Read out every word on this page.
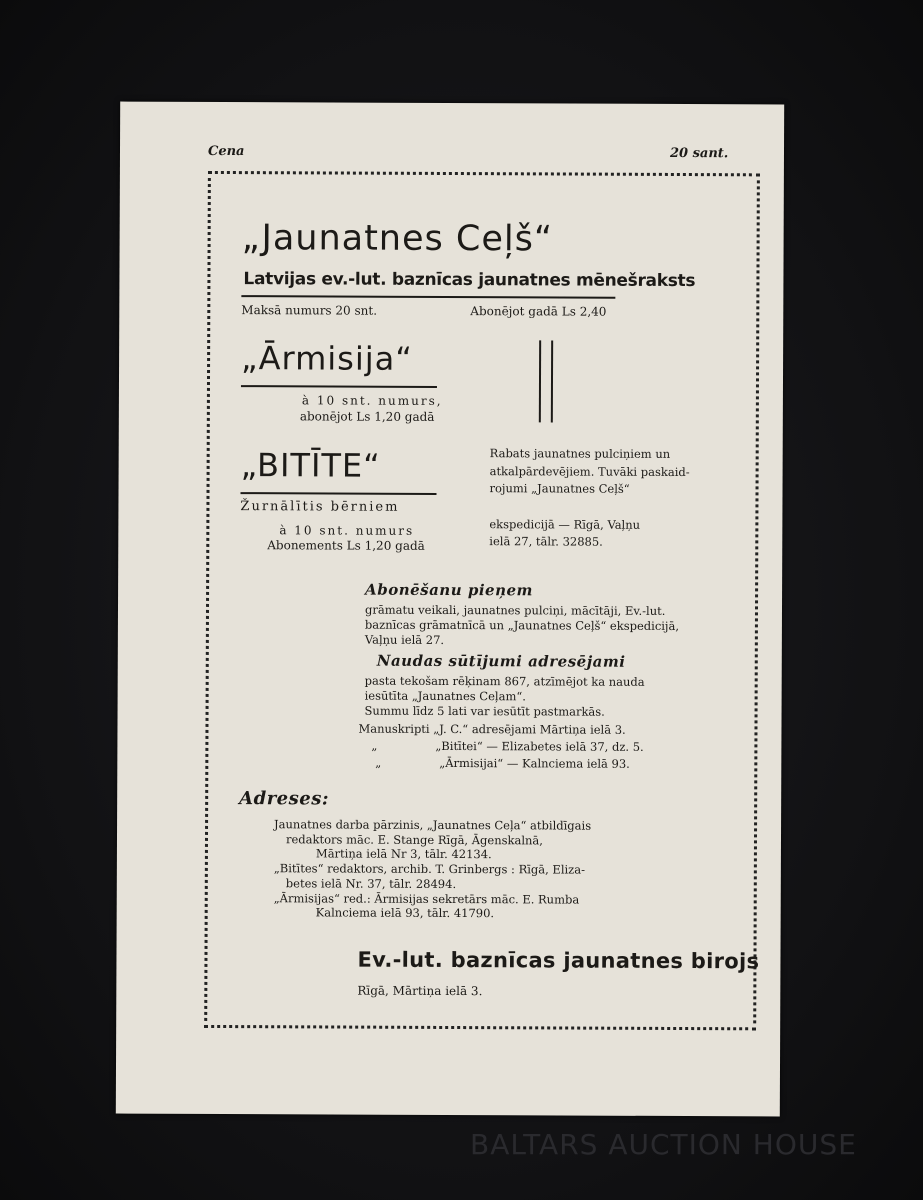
BALTARS AUCTION HOUSE
Cena	20 sant.
„Jaunatnes Ceļš“
Latvijas ev.-lut. baznīcas jaunatnes mēnešraksts
Maksā numurs 20 snt.	Abonējot gadā Ls 2,40
„Ārmisija“
à 10 snt. numurs,
abonējot Ls 1,20 gadā
„BITĪTE“
Žurnālītis bērniem
à 10 snt. numurs
Abonements Ls 1,20 gadā
Rabats jaunatnes pulciņiem un
atkalpārdevējiem. Tuvāki paskaid-
rojumi „Jaunatnes Ceļš“
ekspedicijā — Rīgā, Vaļņu
ielā 27, tālr. 32885.
Abonēšanu pieņem
grāmatu veikali, jaunatnes pulciņi, mācītāji, Ev.-lut.
baznīcas grāmatnīcā un „Jaunatnes Ceļš“ ekspedicijā,
Vaļņu ielā 27.
Naudas sūtījumi adresējami
pasta tekošam rēķinam 867, atzīmējot ka nauda
iesūtīta „Jaunatnes Ceļam“.
Summu līdz 5 lati var iesūtīt pastmarkās.
Manuskripti „J. C.“ adresējami Mārtiņa ielā 3.
„	„Bitītei“ — Elizabetes ielā 37, dz. 5.
„	„Ārmisijai“ — Kalnciema ielā 93.
Adreses:
Jaunatnes darba pārzinis, „Jaunatnes Ceļa“ atbildīgais
redaktors māc. E. Stange Rīgā, Āgenskalnā,
Mārtiņa ielā Nr 3, tālr. 42134.
„Bitītes“ redaktors, archib. T. Grinbergs : Rīgā, Eliza-
betes ielā Nr. 37, tālr. 28494.
„Ārmisijas“ red.: Ārmisijas sekretārs māc. E. Rumba
Kalnciema ielā 93, tālr. 41790.
Ev.-lut. baznīcas jaunatnes birojs
Rīgā, Mārtiņa ielā 3.
